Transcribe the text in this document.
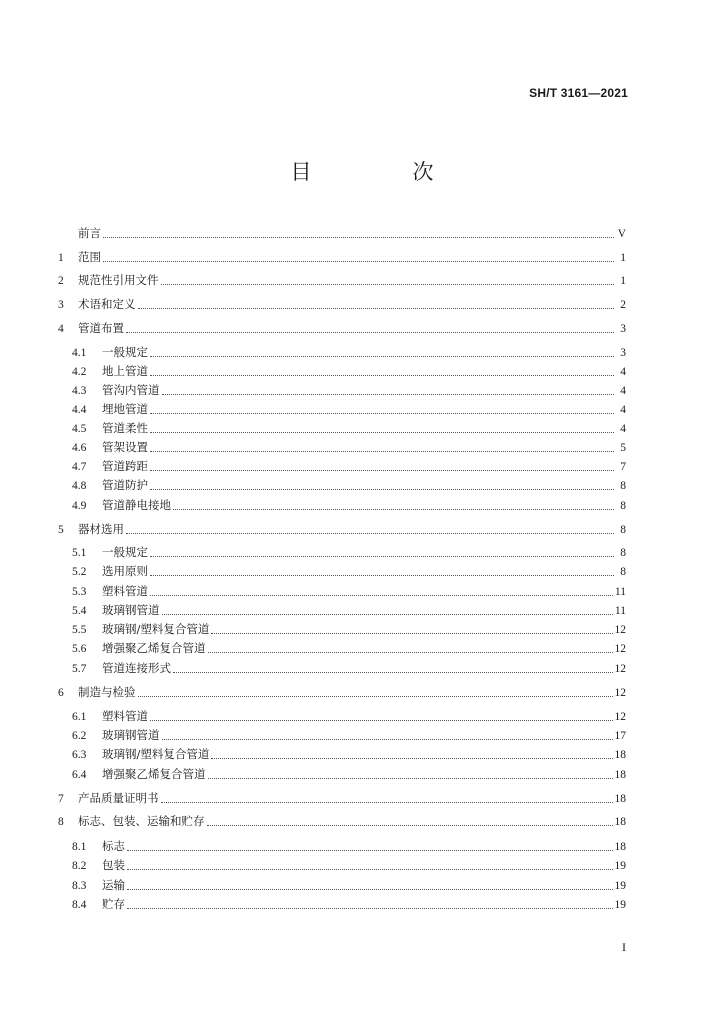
SH/T 3161—2021
目　次
前言	V
1	范围	1
2	规范性引用文件	1
3	术语和定义	2
4	管道布置	3
4.1	一般规定	3
4.2	地上管道	4
4.3	管沟内管道	4
4.4	埋地管道	4
4.5	管道柔性	4
4.6	管架设置	5
4.7	管道跨距	7
4.8	管道防护	8
4.9	管道静电接地	8
5	器材选用	8
5.1	一般规定	8
5.2	选用原则	8
5.3	塑料管道	11
5.4	玻璃钢管道	11
5.5	玻璃钢/塑料复合管道	12
5.6	增强聚乙烯复合管道	12
5.7	管道连接形式	12
6	制造与检验	12
6.1	塑料管道	12
6.2	玻璃钢管道	17
6.3	玻璃钢/塑料复合管道	18
6.4	增强聚乙烯复合管道	18
7	产品质量证明书	18
8	标志、包装、运输和贮存	18
8.1	标志	18
8.2	包装	19
8.3	运输	19
8.4	贮存	19
I
